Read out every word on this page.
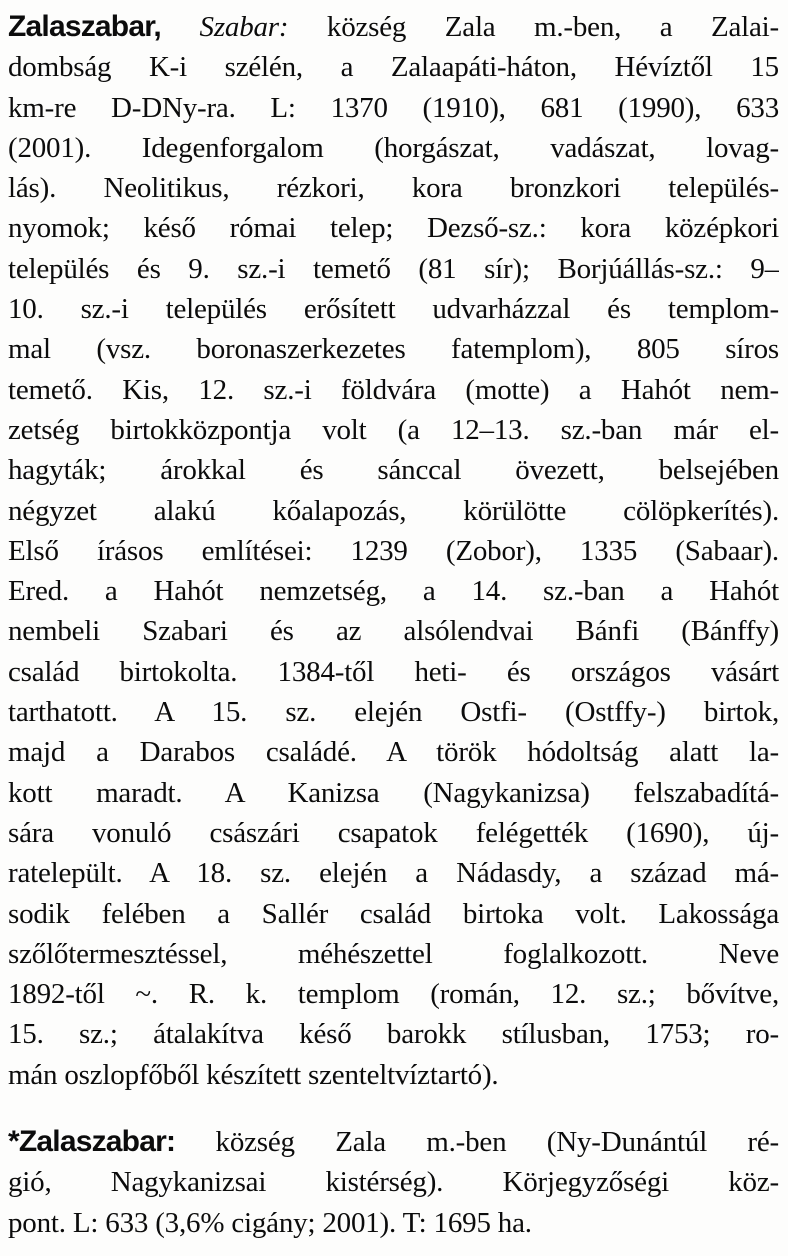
Zalaszabar, Szabar: község Zala m.-ben, a Zalai-
dombság K-i szélén, a Zalaapáti-háton, Hévíztől 15
km-re D-DNy-ra. L: 1370 (1910), 681 (1990), 633
(2001). Idegenforgalom (horgászat, vadászat, lovag-
lás). Neolitikus, rézkori, kora bronzkori település-
nyomok; késő római telep; Dezső-sz.: kora középkori
település és 9. sz.-i temető (81 sír); Borjúállás-sz.: 9–
10. sz.-i település erősített udvarházzal és templom-
mal (vsz. boronaszerkezetes fatemplom), 805 síros
temető. Kis, 12. sz.-i földvára (motte) a Hahót nem-
zetség birtokközpontja volt (a 12–13. sz.-ban már el-
hagyták; árokkal és sánccal övezett, belsejében
négyzet alakú kőalapozás, körülötte cölöpkerítés).
Első írásos említései: 1239 (Zobor), 1335 (Sabaar).
Ered. a Hahót nemzetség, a 14. sz.-ban a Hahót
nembeli Szabari és az alsólendvai Bánfi (Bánffy)
család birtokolta. 1384-től heti- és országos vásárt
tarthatott. A 15. sz. elején Ostfi- (Ostffy-) birtok,
majd a Darabos családé. A török hódoltság alatt la-
kott maradt. A Kanizsa (Nagykanizsa) felszabadítá-
sára vonuló császári csapatok felégették (1690), új-
ratelepült. A 18. sz. elején a Nádasdy, a század má-
sodik felében a Sallér család birtoka volt. Lakossága
szőlőtermesztéssel, méhészettel foglalkozott. Neve
1892-től ~. R. k. templom (román, 12. sz.; bővítve,
15. sz.; átalakítva késő barokk stílusban, 1753; ro-
mán oszlopfőből készített szenteltvíztartó).
*Zalaszabar: község Zala m.-ben (Ny-Dunántúl ré-
gió, Nagykanizsai kistérség). Körjegyzőségi köz-
pont. L: 633 (3,6% cigány; 2001). T: 1695 ha.
